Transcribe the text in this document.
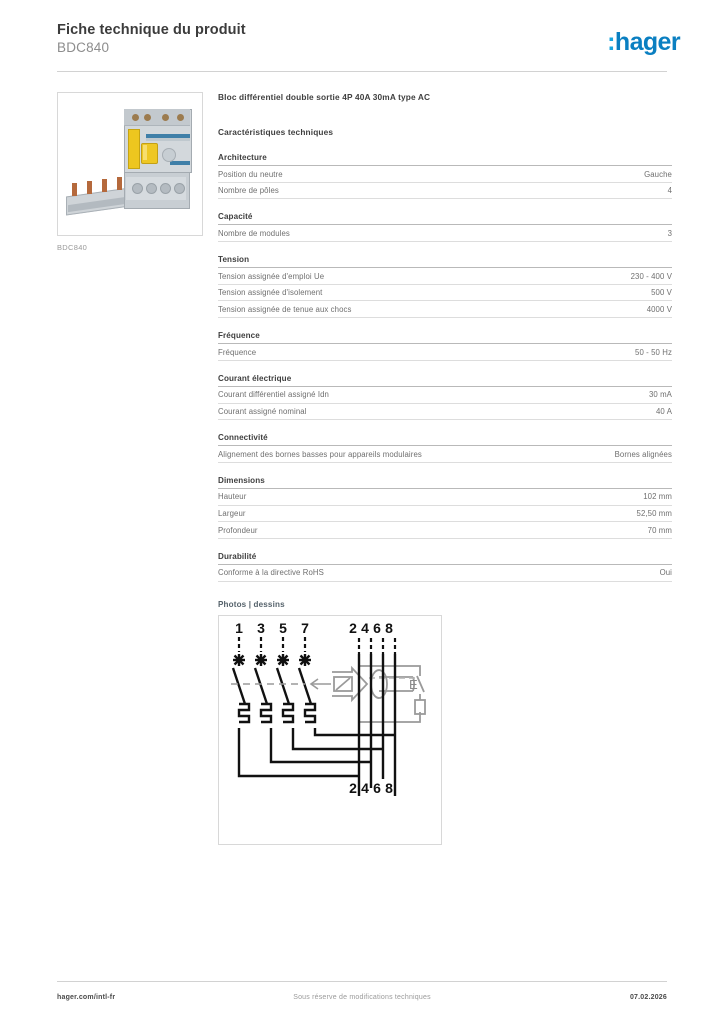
Fiche technique du produit
BDC840	:hager
BDC840
Bloc différentiel double sortie 4P 40A 30mA type AC
Caractéristiques techniques
Architecture
Position du neutre	Gauche
Nombre de pôles	4
Capacité
Nombre de modules	3
Tension
Tension assignée d'emploi Ue	230 - 400 V
Tension assignée d'isolement	500 V
Tension assignée de tenue aux chocs	4000 V
Fréquence
Fréquence	50 - 50 Hz
Courant électrique
Courant différentiel assigné Idn	30 mA
Courant assigné nominal	40 A
Connectivité
Alignement des bornes basses pour appareils modulaires	Bornes alignées
Dimensions
Hauteur	102 mm
Largeur	52,50 mm
Profondeur	70 mm
Durabilité
Conforme à la directive RoHS	Oui
Photos | dessins
1 3 5 7	2 4 6 8
2 4 6 8
E
hager.com/intl-fr	Sous réserve de modifications techniques	07.02.2026
